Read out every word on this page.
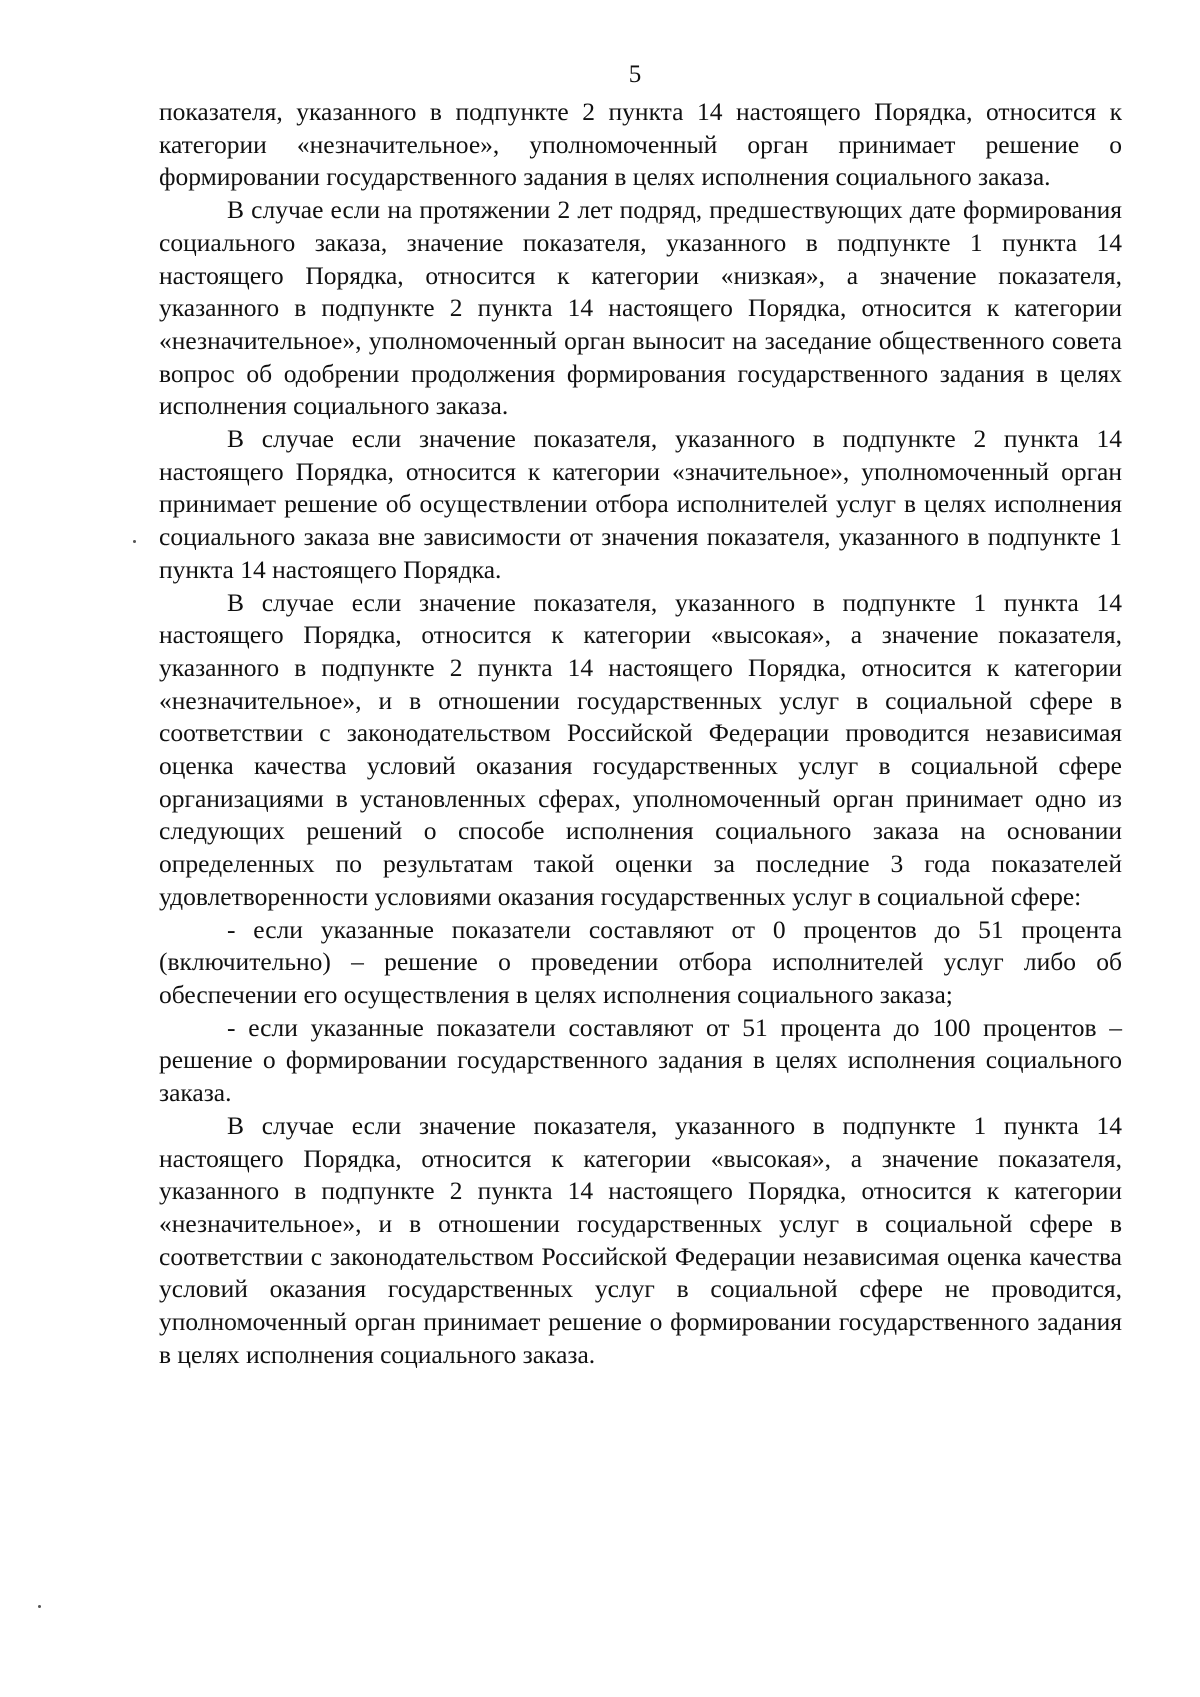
5

показателя, указанного в подпункте 2 пункта 14 настоящего Порядка, относится к категории «незначительное», уполномоченный орган принимает решение о формировании государственного задания в целях исполнения социального заказа.

В случае если на протяжении 2 лет подряд, предшествующих дате формирования социального заказа, значение показателя, указанного в подпункте 1 пункта 14 настоящего Порядка, относится к категории «низкая», а значение показателя, указанного в подпункте 2 пункта 14 настоящего Порядка, относится к категории «незначительное», уполномоченный орган выносит на заседание общественного совета вопрос об одобрении продолжения формирования государственного задания в целях исполнения социального заказа.

В случае если значение показателя, указанного в подпункте 2 пункта 14 настоящего Порядка, относится к категории «значительное», уполномоченный орган принимает решение об осуществлении отбора исполнителей услуг в целях исполнения социального заказа вне зависимости от значения показателя, указанного в подпункте 1 пункта 14 настоящего Порядка.

В случае если значение показателя, указанного в подпункте 1 пункта 14 настоящего Порядка, относится к категории «высокая», а значение показателя, указанного в подпункте 2 пункта 14 настоящего Порядка, относится к категории «незначительное», и в отношении государственных услуг в социальной сфере в соответствии с законодательством Российской Федерации проводится независимая оценка качества условий оказания государственных услуг в социальной сфере организациями в установленных сферах, уполномоченный орган принимает одно из следующих решений о способе исполнения социального заказа на основании определенных по результатам такой оценки за последние 3 года показателей удовлетворенности условиями оказания государственных услуг в социальной сфере:

- если указанные показатели составляют от 0 процентов до 51 процента (включительно) – решение о проведении отбора исполнителей услуг либо об обеспечении его осуществления в целях исполнения социального заказа;

- если указанные показатели составляют от 51 процента до 100 процентов – решение о формировании государственного задания в целях исполнения социального заказа.

В случае если значение показателя, указанного в подпункте 1 пункта 14 настоящего Порядка, относится к категории «высокая», а значение показателя, указанного в подпункте 2 пункта 14 настоящего Порядка, относится к категории «незначительное», и в отношении государственных услуг в социальной сфере в соответствии с законодательством Российской Федерации независимая оценка качества условий оказания государственных услуг в социальной сфере не проводится, уполномоченный орган принимает решение о формировании государственного задания в целях исполнения социального заказа.
